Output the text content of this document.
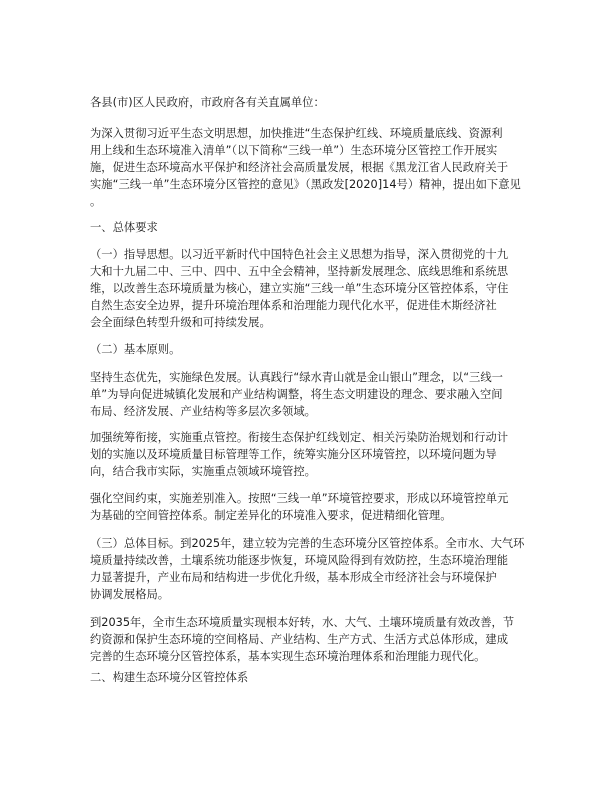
各县(市)区人民政府，市政府各有关直属单位：

为深入贯彻习近平生态文明思想，加快推进“生态保护红线、环境质量底线、资源利
用上线和生态环境准入清单”（以下简称“三线一单”）生态环境分区管控工作开展实
施，促进生态环境高水平保护和经济社会高质量发展，根据《黑龙江省人民政府关于
实施“三线一单”生态环境分区管控的意见》（黑政发[2020]14号）精神，提出如下意见
。

一、总体要求

（一）指导思想。以习近平新时代中国特色社会主义思想为指导，深入贯彻党的十九
大和十九届二中、三中、四中、五中全会精神，坚持新发展理念、底线思维和系统思
维，以改善生态环境质量为核心，建立实施“三线一单”生态环境分区管控体系，守住
自然生态安全边界，提升环境治理体系和治理能力现代化水平，促进佳木斯经济社
会全面绿色转型升级和可持续发展。

（二）基本原则。

坚持生态优先，实施绿色发展。认真践行“绿水青山就是金山银山”理念，以“三线一
单”为导向促进城镇化发展和产业结构调整，将生态文明建设的理念、要求融入空间
布局、经济发展、产业结构等多层次多领域。

加强统筹衔接，实施重点管控。衔接生态保护红线划定、相关污染防治规划和行动计
划的实施以及环境质量目标管理等工作，统筹实施分区环境管控，以环境问题为导
向，结合我市实际，实施重点领域环境管控。

强化空间约束，实施差别准入。按照“三线一单”环境管控要求，形成以环境管控单元
为基础的空间管控体系。制定差异化的环境准入要求，促进精细化管理。

（三）总体目标。到2025年，建立较为完善的生态环境分区管控体系。全市水、大气环
境质量持续改善，土壤系统功能逐步恢复，环境风险得到有效防控，生态环境治理能
力显著提升，产业布局和结构进一步优化升级，基本形成全市经济社会与环境保护
协调发展格局。

到2035年，全市生态环境质量实现根本好转，水、大气、土壤环境质量有效改善，节
约资源和保护生态环境的空间格局、产业结构、生产方式、生活方式总体形成，建成
完善的生态环境分区管控体系，基本实现生态环境治理体系和治理能力现代化。

二、构建生态环境分区管控体系
